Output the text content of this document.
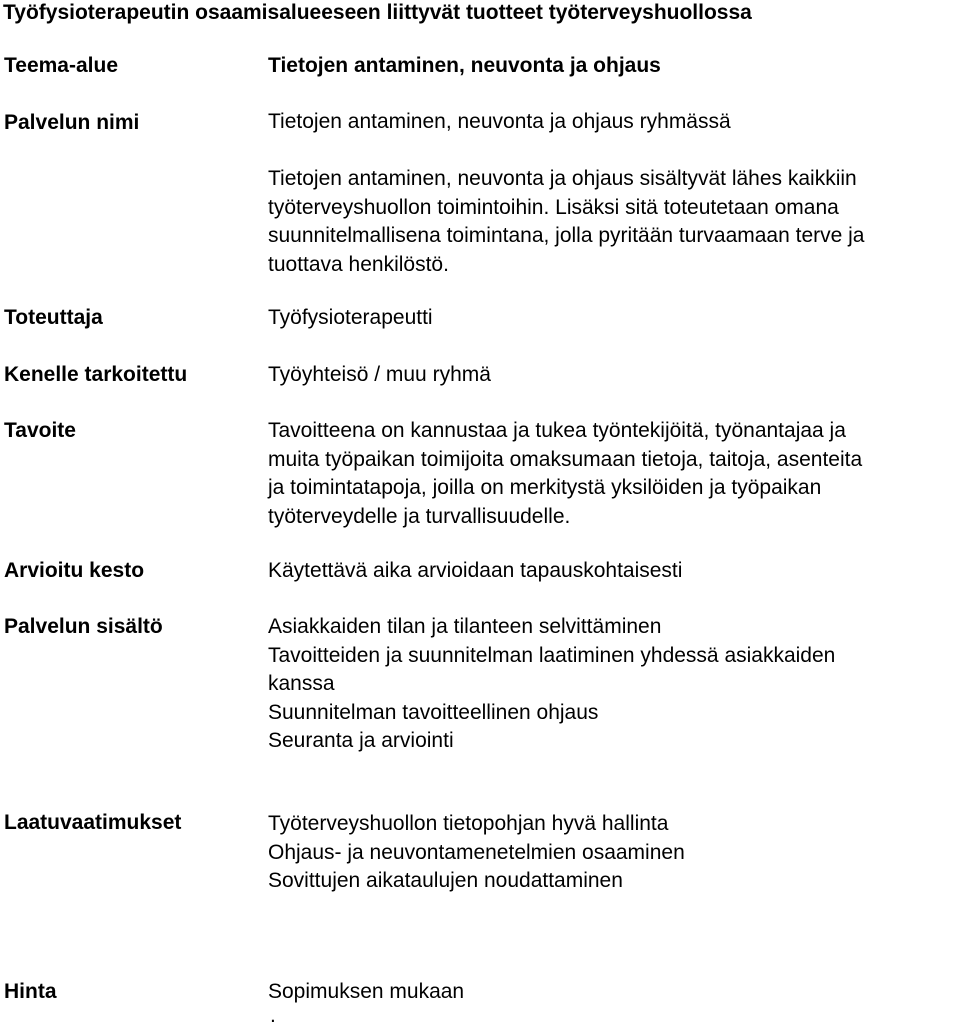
Työfysioterapeutin osaamisalueeseen liittyvät tuotteet työterveyshuollossa
Teema-alue	Tietojen antaminen, neuvonta ja ohjaus
Palvelun nimi	Tietojen antaminen, neuvonta ja ohjaus ryhmässä
Tietojen antaminen, neuvonta ja ohjaus sisältyvät lähes kaikkiin
työterveyshuollon toimintoihin. Lisäksi sitä toteutetaan omana
suunnitelmallisena toimintana, jolla pyritään turvaamaan terve ja
tuottava henkilöstö.
Toteuttaja	Työfysioterapeutti
Kenelle tarkoitettu	Työyhteisö / muu ryhmä
Tavoite	Tavoitteena on kannustaa ja tukea työntekijöitä, työnantajaa ja
muita työpaikan toimijoita omaksumaan tietoja, taitoja, asenteita
ja toimintatapoja, joilla on merkitystä yksilöiden ja työpaikan
työterveydelle ja turvallisuudelle.
Arvioitu kesto	Käytettävä aika arvioidaan tapauskohtaisesti
Palvelun sisältö	Asiakkaiden tilan ja tilanteen selvittäminen
Tavoitteiden ja suunnitelman laatiminen yhdessä asiakkaiden
kanssa
Suunnitelman tavoitteellinen ohjaus
Seuranta ja arviointi
Laatuvaatimukset	Työterveyshuollon tietopohjan hyvä hallinta
Ohjaus- ja neuvontamenetelmien osaaminen
Sovittujen aikataulujen noudattaminen
Hinta	Sopimuksen mukaan
.
